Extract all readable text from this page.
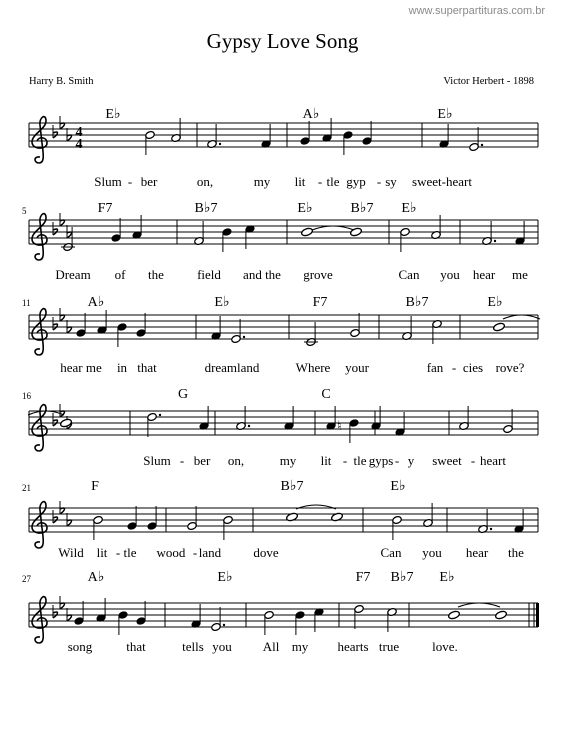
www.superpartituras.com.br
Gypsy Love Song
Harry B. Smith	Victor Herbert - 1898
4
4
E♭	A♭	E♭
Slum - ber	on,	my lit - tle gyp - sy sweet-heart
5	F7	B♭7	E♭	B♭7 E♭
Dream of the	field and the grove	Can you hear me
11	A♭	E♭	F7	B♭7	E♭
hear me in that	dreamland	Where your	fan - cies rove?
16	G	C
Slum - ber on,	my lit - tle gyps - y sweet - heart
♮
21	F	B♭7	E♭
Wild lit - tle wood - land dove	Can you hear the
27	A♭	E♭	F7 B♭7 E♭
song	that	tells you All my hearts true	love.
